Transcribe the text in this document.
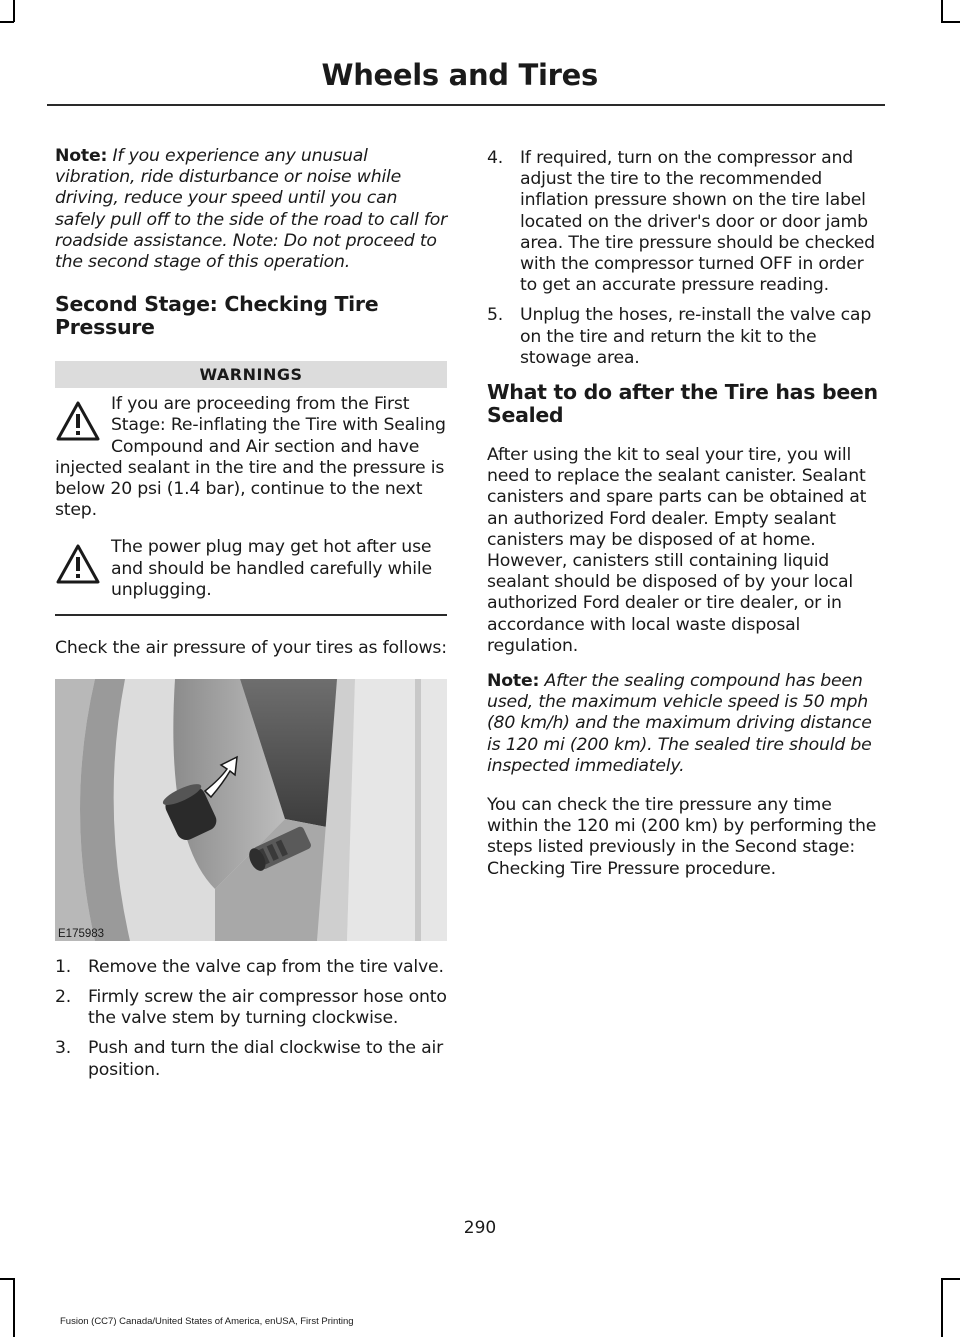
Wheels and Tires

Note: If you experience any unusual vibration, ride disturbance or noise while driving, reduce your speed until you can safely pull off to the side of the road to call for roadside assistance. Note: Do not proceed to the second stage of this operation.

Second Stage: Checking Tire Pressure
WARNINGS

If you are proceeding from the First Stage: Re-inflating the Tire with Sealing Compound and Air section and have injected sealant in the tire and the pressure is below 20 psi (1.4 bar), continue to the next step.

The power plug may get hot after use and should be handled carefully while unplugging.

Check the air pressure of your tires as follows:

E175983
1. Remove the valve cap from the tire valve.
2. Firmly screw the air compressor hose onto the valve stem by turning clockwise.
3. Push and turn the dial clockwise to the air position.
4. If required, turn on the compressor and adjust the tire to the recommended inflation pressure shown on the tire label located on the driver's door or door jamb area. The tire pressure should be checked with the compressor turned OFF in order to get an accurate pressure reading.
5. Unplug the hoses, re-install the valve cap on the tire and return the kit to the stowage area.
What to do after the Tire has been Sealed

After using the kit to seal your tire, you will need to replace the sealant canister. Sealant canisters and spare parts can be obtained at an authorized Ford dealer. Empty sealant canisters may be disposed of at home. However, canisters still containing liquid sealant should be disposed of by your local authorized Ford dealer or tire dealer, or in accordance with local waste disposal regulation.

Note: After the sealing compound has been used, the maximum vehicle speed is 50 mph (80 km/h) and the maximum driving distance is 120 mi (200 km). The sealed tire should be inspected immediately.

You can check the tire pressure any time within the 120 mi (200 km) by performing the steps listed previously in the Second stage: Checking Tire Pressure procedure.

290
Fusion (CC7) Canada/United States of America, enUSA, First Printing
